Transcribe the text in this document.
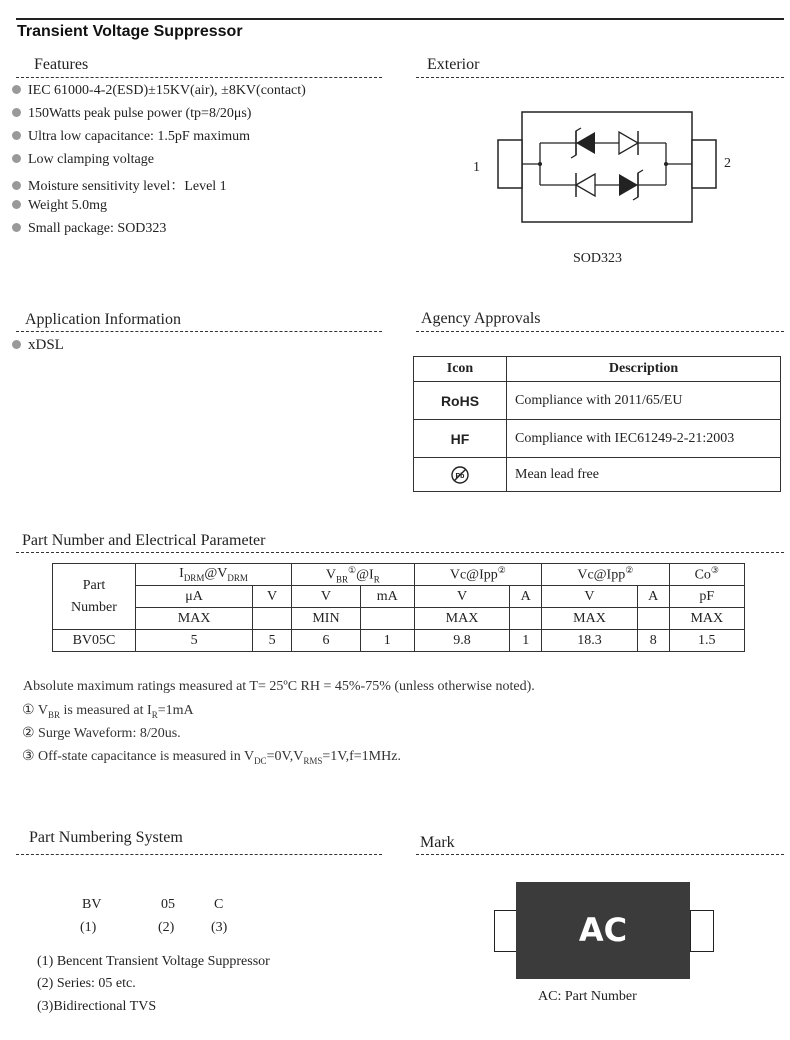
Transient Voltage Suppressor
Features
IEC 61000-4-2(ESD)±15KV(air), ±8KV(contact)
150Watts peak pulse power (tp=8/20μs)
Ultra low capacitance: 1.5pF maximum
Low clamping voltage
Moisture sensitivity level：Level 1
Weight 5.0mg
Small package: SOD323
Exterior
1	2
SOD323
Application Information
xDSL
Agency Approvals
Icon	Description
RoHS	Compliance with 2011/65/EU
HF	Compliance with IEC61249-2-21:2003

Pb	Mean lead free
Part Number and Electrical Parameter
Part
Number	$I_{DRM}@V_{DRM}$		$V_{BR}^①@I_R$		Vc@Ipp②		Vc@Ipp②		Co③
	μA	V	V	mA	V	A	V	A	pF
	MAX		MIN		MAX		MAX		MAX
BV05C	5	5	6	1	9.8	1	18.3	8	1.5
Absolute maximum ratings measured at T= 25ºC RH = 45%-75% (unless otherwise noted).
① $V_{BR}$ is measured at $I_R=1mA$
② Surge Waveform: 8/20us.
③ Off-state capacitance is measured in $V_{DC}=0V,V_{RMS}=1V,f=1MHz$.
Part Numbering System
BV	05	C
(1)	(2)	(3)
(1) Bencent Transient Voltage Suppressor
(2) Series: 05 etc.
(3)Bidirectional TVS
Mark
AC
AC: Part Number
